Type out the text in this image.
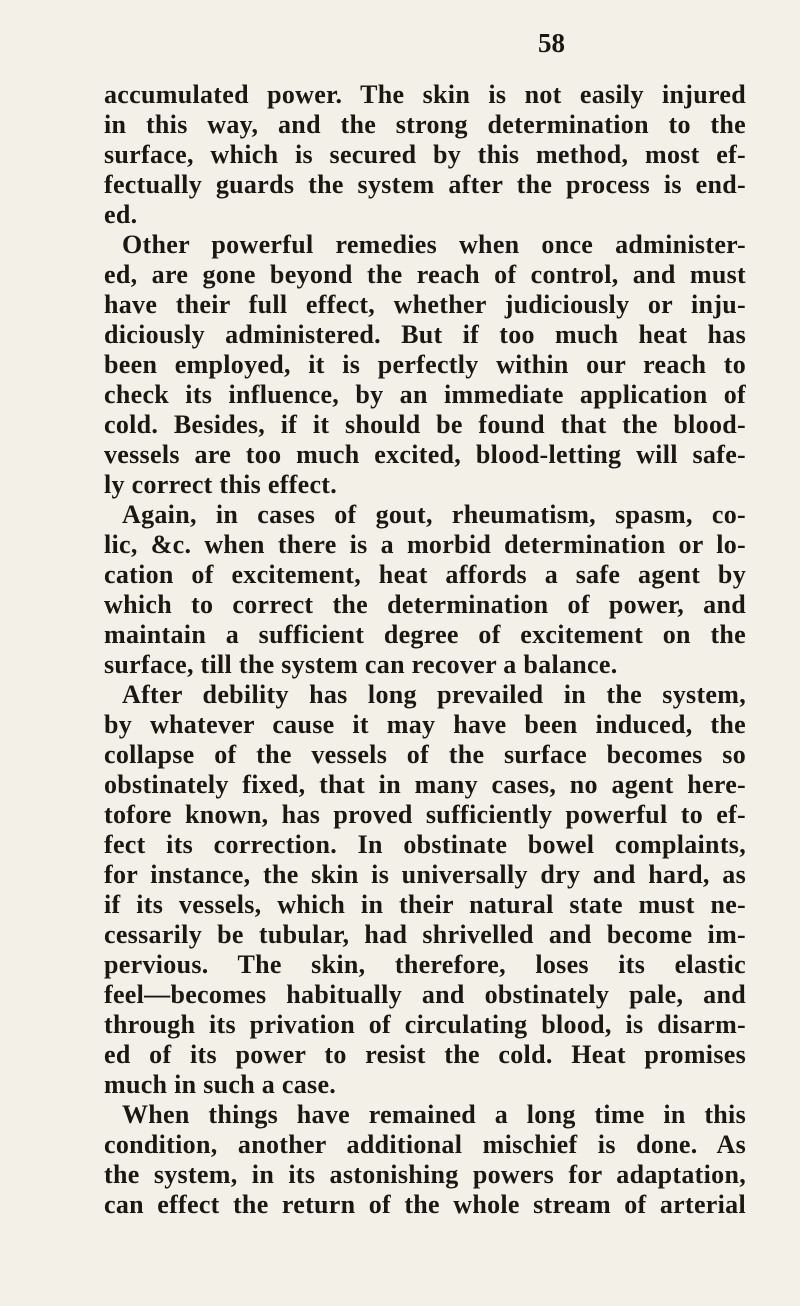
58
accumulated power. The skin is not easily injured
in this way, and the strong determination to the
surface, which is secured by this method, most ef-
fectually guards the system after the process is end-
ed.
Other powerful remedies when once administer-
ed, are gone beyond the reach of control, and must
have their full effect, whether judiciously or inju-
diciously administered. But if too much heat has
been employed, it is perfectly within our reach to
check its influence, by an immediate application of
cold. Besides, if it should be found that the blood-
vessels are too much excited, blood-letting will safe-
ly correct this effect.
Again, in cases of gout, rheumatism, spasm, co-
lic, &c. when there is a morbid determination or lo-
cation of excitement, heat affords a safe agent by
which to correct the determination of power, and
maintain a sufficient degree of excitement on the
surface, till the system can recover a balance.
After debility has long prevailed in the system,
by whatever cause it may have been induced, the
collapse of the vessels of the surface becomes so
obstinately fixed, that in many cases, no agent here-
tofore known, has proved sufficiently powerful to ef-
fect its correction. In obstinate bowel complaints,
for instance, the skin is universally dry and hard, as
if its vessels, which in their natural state must ne-
cessarily be tubular, had shrivelled and become im-
pervious. The skin, therefore, loses its elastic
feel—becomes habitually and obstinately pale, and
through its privation of circulating blood, is disarm-
ed of its power to resist the cold. Heat promises
much in such a case.
When things have remained a long time in this
condition, another additional mischief is done. As
the system, in its astonishing powers for adaptation,
can effect the return of the whole stream of arterial
